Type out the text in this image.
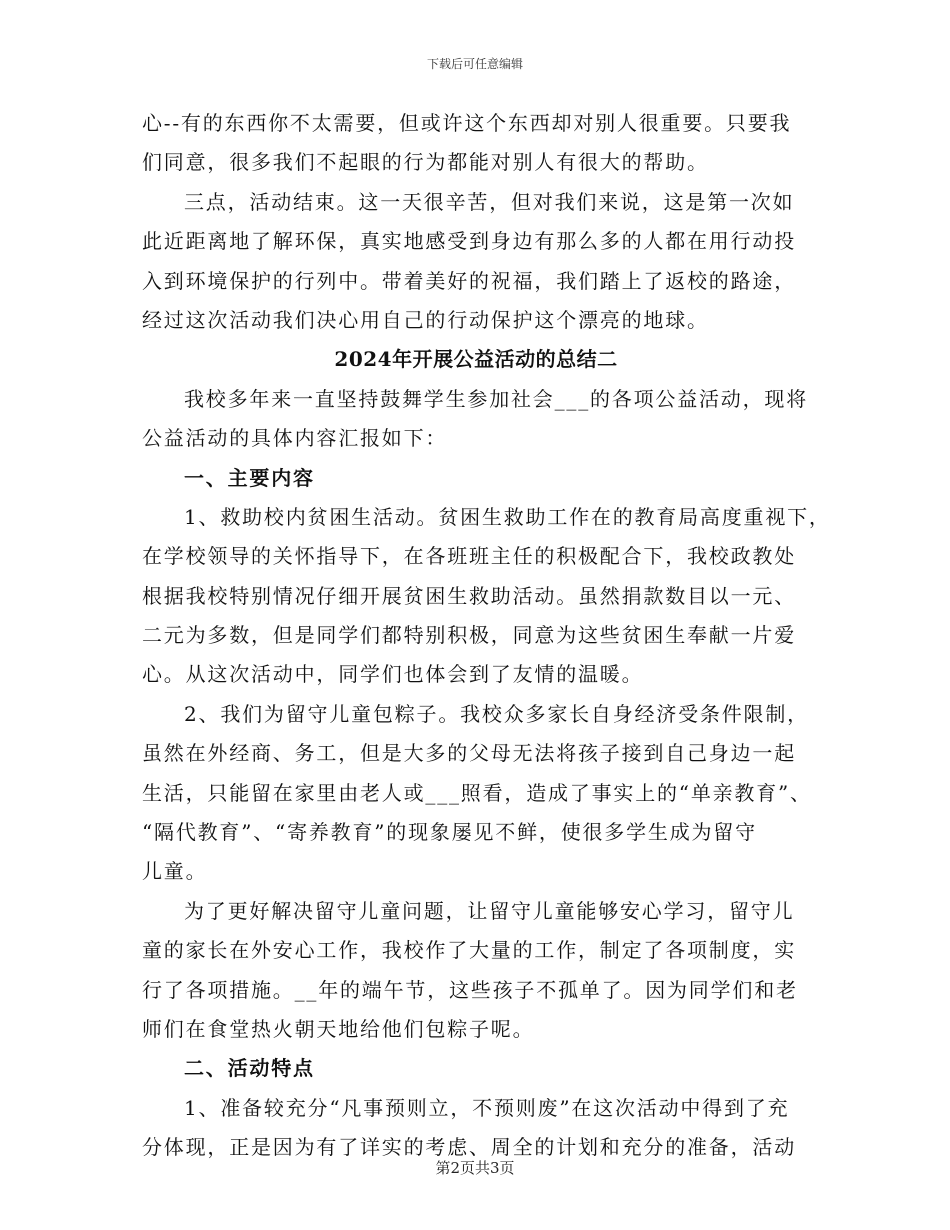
下载后可任意编辑
心--有的东西你不太需要，但或许这个东西却对别人很重要。只要我
们同意，很多我们不起眼的行为都能对别人有很大的帮助。
三点，活动结束。这一天很辛苦，但对我们来说，这是第一次如
此近距离地了解环保，真实地感受到身边有那么多的人都在用行动投
入到环境保护的行列中。带着美好的祝福，我们踏上了返校的路途，
经过这次活动我们决心用自己的行动保护这个漂亮的地球。
2024年开展公益活动的总结二
我校多年来一直坚持鼓舞学生参加社会___的各项公益活动，现将
公益活动的具体内容汇报如下：
一、主要内容
1、救助校内贫困生活动。贫困生救助工作在的教育局高度重视下，
在学校领导的关怀指导下，在各班班主任的积极配合下，我校政教处
根据我校特别情况仔细开展贫困生救助活动。虽然捐款数目以一元、
二元为多数，但是同学们都特别积极，同意为这些贫困生奉献一片爱
心。从这次活动中，同学们也体会到了友情的温暖。
2、我们为留守儿童包粽子。我校众多家长自身经济受条件限制，
虽然在外经商、务工，但是大多的父母无法将孩子接到自己身边一起
生活，只能留在家里由老人或___照看，造成了事实上的“单亲教育”、
“隔代教育”、“寄养教育”的现象屡见不鲜，使很多学生成为留守
儿童。
为了更好解决留守儿童问题，让留守儿童能够安心学习，留守儿
童的家长在外安心工作，我校作了大量的工作，制定了各项制度，实
行了各项措施。__年的端午节，这些孩子不孤单了。因为同学们和老
师们在食堂热火朝天地给他们包粽子呢。
二、活动特点
1、准备较充分“凡事预则立，不预则废”在这次活动中得到了充
分体现，正是因为有了详实的考虑、周全的计划和充分的准备，活动
第2页共3页
